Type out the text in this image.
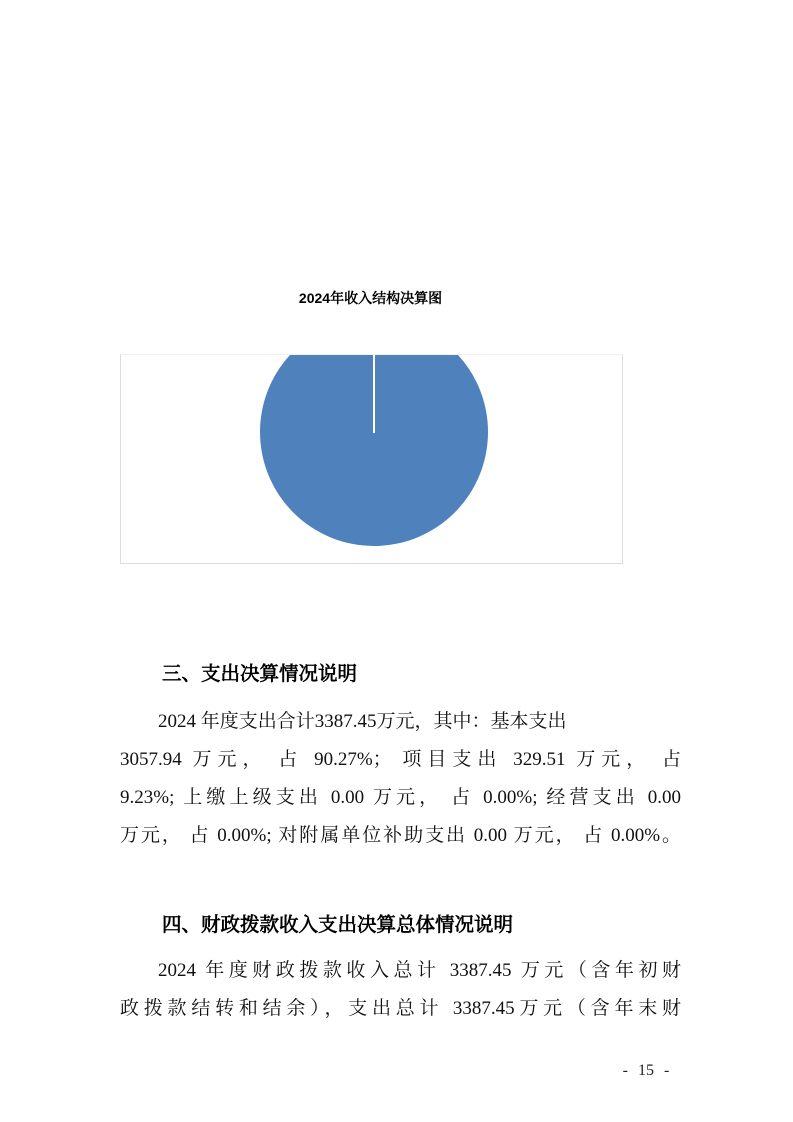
2024年收入结构决算图
三、支出决算情况说明
2024 年度支出合计3387.45万元，其中：基本支出
3057.94 万元， 占 90.27%； 项目支出 329.51 万元， 占
9.23%; 上缴上级支出 0.00 万元， 占 0.00%; 经营支出 0.00
万元， 占 0.00%; 对附属单位补助支出 0.00 万元， 占 0.00%。
四、财政拨款收入支出决算总体情况说明
2024 年度财政拨款收入总计 3387.45 万元（含年初财
政拨款结转和结余），支出总计 3387.45万元（含年末财
- 15 -
